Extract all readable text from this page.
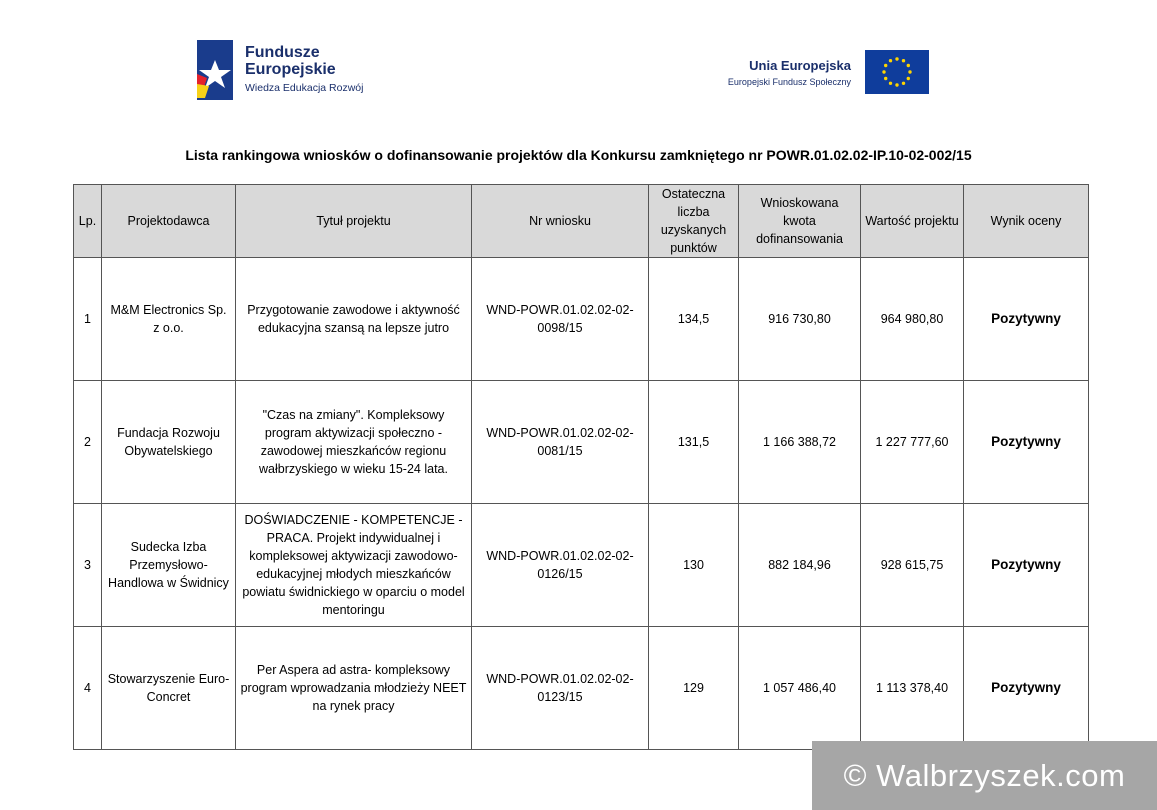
Fundusze
Europejskie
Wiedza Edukacja Rozwój
Unia Europejska
Europejski Fundusz Społeczny
Lista rankingowa wniosków o dofinansowanie projektów dla Konkursu zamkniętego nr POWR.01.02.02-IP.10-02-002/15
Lp.	Projektodawca	Tytuł projektu	Nr wniosku	Ostateczna liczba uzyskanych punktów	Wnioskowana kwota dofinansowania	Wartość projektu	Wynik oceny
1	M&M Electronics Sp. z o.o.	Przygotowanie zawodowe i aktywność edukacyjna szansą na lepsze jutro	WND-POWR.01.02.02-02-0098/15	134,5	916 730,80	964 980,80	Pozytywny
2	Fundacja Rozwoju Obywatelskiego	"Czas na zmiany". Kompleksowy program aktywizacji społeczno - zawodowej mieszkańców regionu wałbrzyskiego w wieku 15-24 lata.	WND-POWR.01.02.02-02-0081/15	131,5	1 166 388,72	1 227 777,60	Pozytywny
3	Sudecka Izba Przemysłowo-Handlowa w Świdnicy	DOŚWIADCZENIE - KOMPETENCJE - PRACA. Projekt indywidualnej i kompleksowej aktywizacji zawodowo-edukacyjnej młodych mieszkańców powiatu świdnickiego w oparciu o model mentoringu	WND-POWR.01.02.02-02-0126/15	130	882 184,96	928 615,75	Pozytywny
4	Stowarzyszenie Euro-Concret	Per Aspera ad astra- kompleksowy program wprowadzania młodzieży NEET na rynek pracy	WND-POWR.01.02.02-02-0123/15	129	1 057 486,40	1 113 378,40	Pozytywny
© Walbrzyszek.com
